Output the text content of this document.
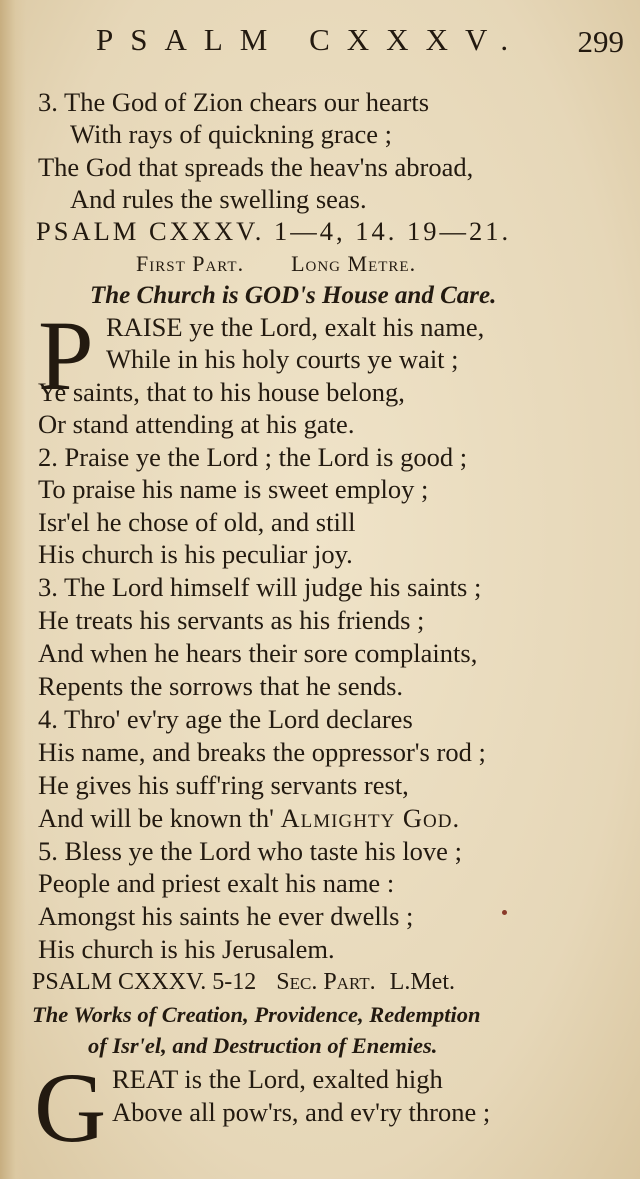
PSALM CXXXV. 299
3. The God of Zion chears our hearts
With rays of quickning grace ;
The God that spreads the heav'ns abroad,
And rules the swelling seas.
PSALM CXXXV. 1—4, 14. 19—21.
First Part. Long Metre.
The Church is GOD's House and Care.
P RAISE ye the Lord, exalt his name,
While in his holy courts ye wait ;
Ye saints, that to his house belong,
Or stand attending at his gate.
2. Praise ye the Lord ; the Lord is good ;
To praise his name is sweet employ ;
Isr'el he chose of old, and still
His church is his peculiar joy.
3. The Lord himself will judge his saints ;
He treats his servants as his friends ;
And when he hears their sore complaints,
Repents the sorrows that he sends.
4. Thro' ev'ry age the Lord declares
His name, and breaks the oppressor's rod ;
He gives his suff'ring servants rest,
And will be known th' Almighty God.
5. Bless ye the Lord who taste his love ;
People and priest exalt his name :
Amongst his saints he ever dwells ;
His church is his Jerusalem.
PSALM CXXXV. 5-12 Sec. Part. L.Met.
The Works of Creation, Providence, Redemption
of Isr'el, and Destruction of Enemies.
G REAT is the Lord, exalted high
Above all pow'rs, and ev'ry throne ;
